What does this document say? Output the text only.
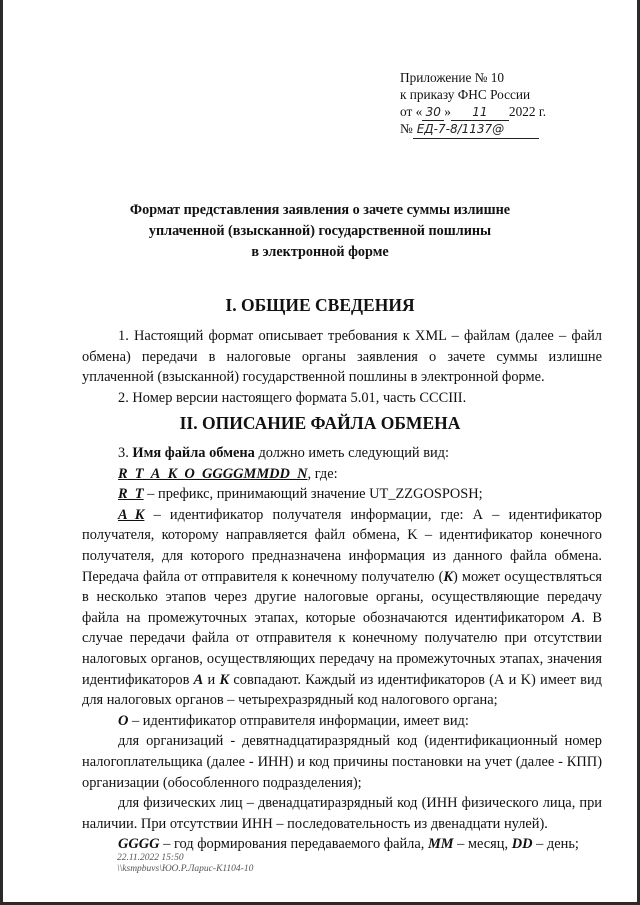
Приложение № 10
к приказу ФНС России
от « 30 » 11 2022 г.
№ ЕД-7-8/1137@
Формат представления заявления о зачете суммы излишне
уплаченной (взысканной) государственной пошлины
в электронной форме
I. ОБЩИЕ СВЕДЕНИЯ

1. Настоящий формат описывает требования к XML – файлам (далее – файл обмена) передачи в налоговые органы заявления о зачете суммы излишне уплаченной (взысканной) государственной пошлины в электронной форме.

2. Номер версии настоящего формата 5.01, часть CCCIII.

II. ОПИСАНИЕ ФАЙЛА ОБМЕНА

3. Имя файла обмена должно иметь следующий вид:

R_T_A_K_O_GGGGMMDD_N, где:

R_T – префикс, принимающий значение UT_ZZGOSPOSH;

A_K – идентификатор получателя информации, где: А – идентификатор получателя, которому направляется файл обмена, K – идентификатор конечного получателя, для которого предназначена информация из данного файла обмена. Передача файла от отправителя к конечному получателю (K) может осуществляться в несколько этапов через другие налоговые органы, осуществляющие передачу файла на промежуточных этапах, которые обозначаются идентификатором А. В случае передачи файла от отправителя к конечному получателю при отсутствии налоговых органов, осуществляющих передачу на промежуточных этапах, значения идентификаторов А и K совпадают. Каждый из идентификаторов (А и K) имеет вид для налоговых органов – четырехразрядный код налогового органа;

O – идентификатор отправителя информации, имеет вид:

для организаций - девятнадцатиразрядный код (идентификационный номер налогоплательщика (далее - ИНН) и код причины постановки на учет (далее - КПП) организации (обособленного подразделения);

для физических лиц – двенадцатиразрядный код (ИНН физического лица, при наличии. При отсутствии ИНН – последовательность из двенадцати нулей).

GGGG – год формирования передаваемого файла, MM – месяц, DD – день;

22.11.2022 15:50
\\ksmpbuvs\ЮО.Р.Ларис-К1104-10
